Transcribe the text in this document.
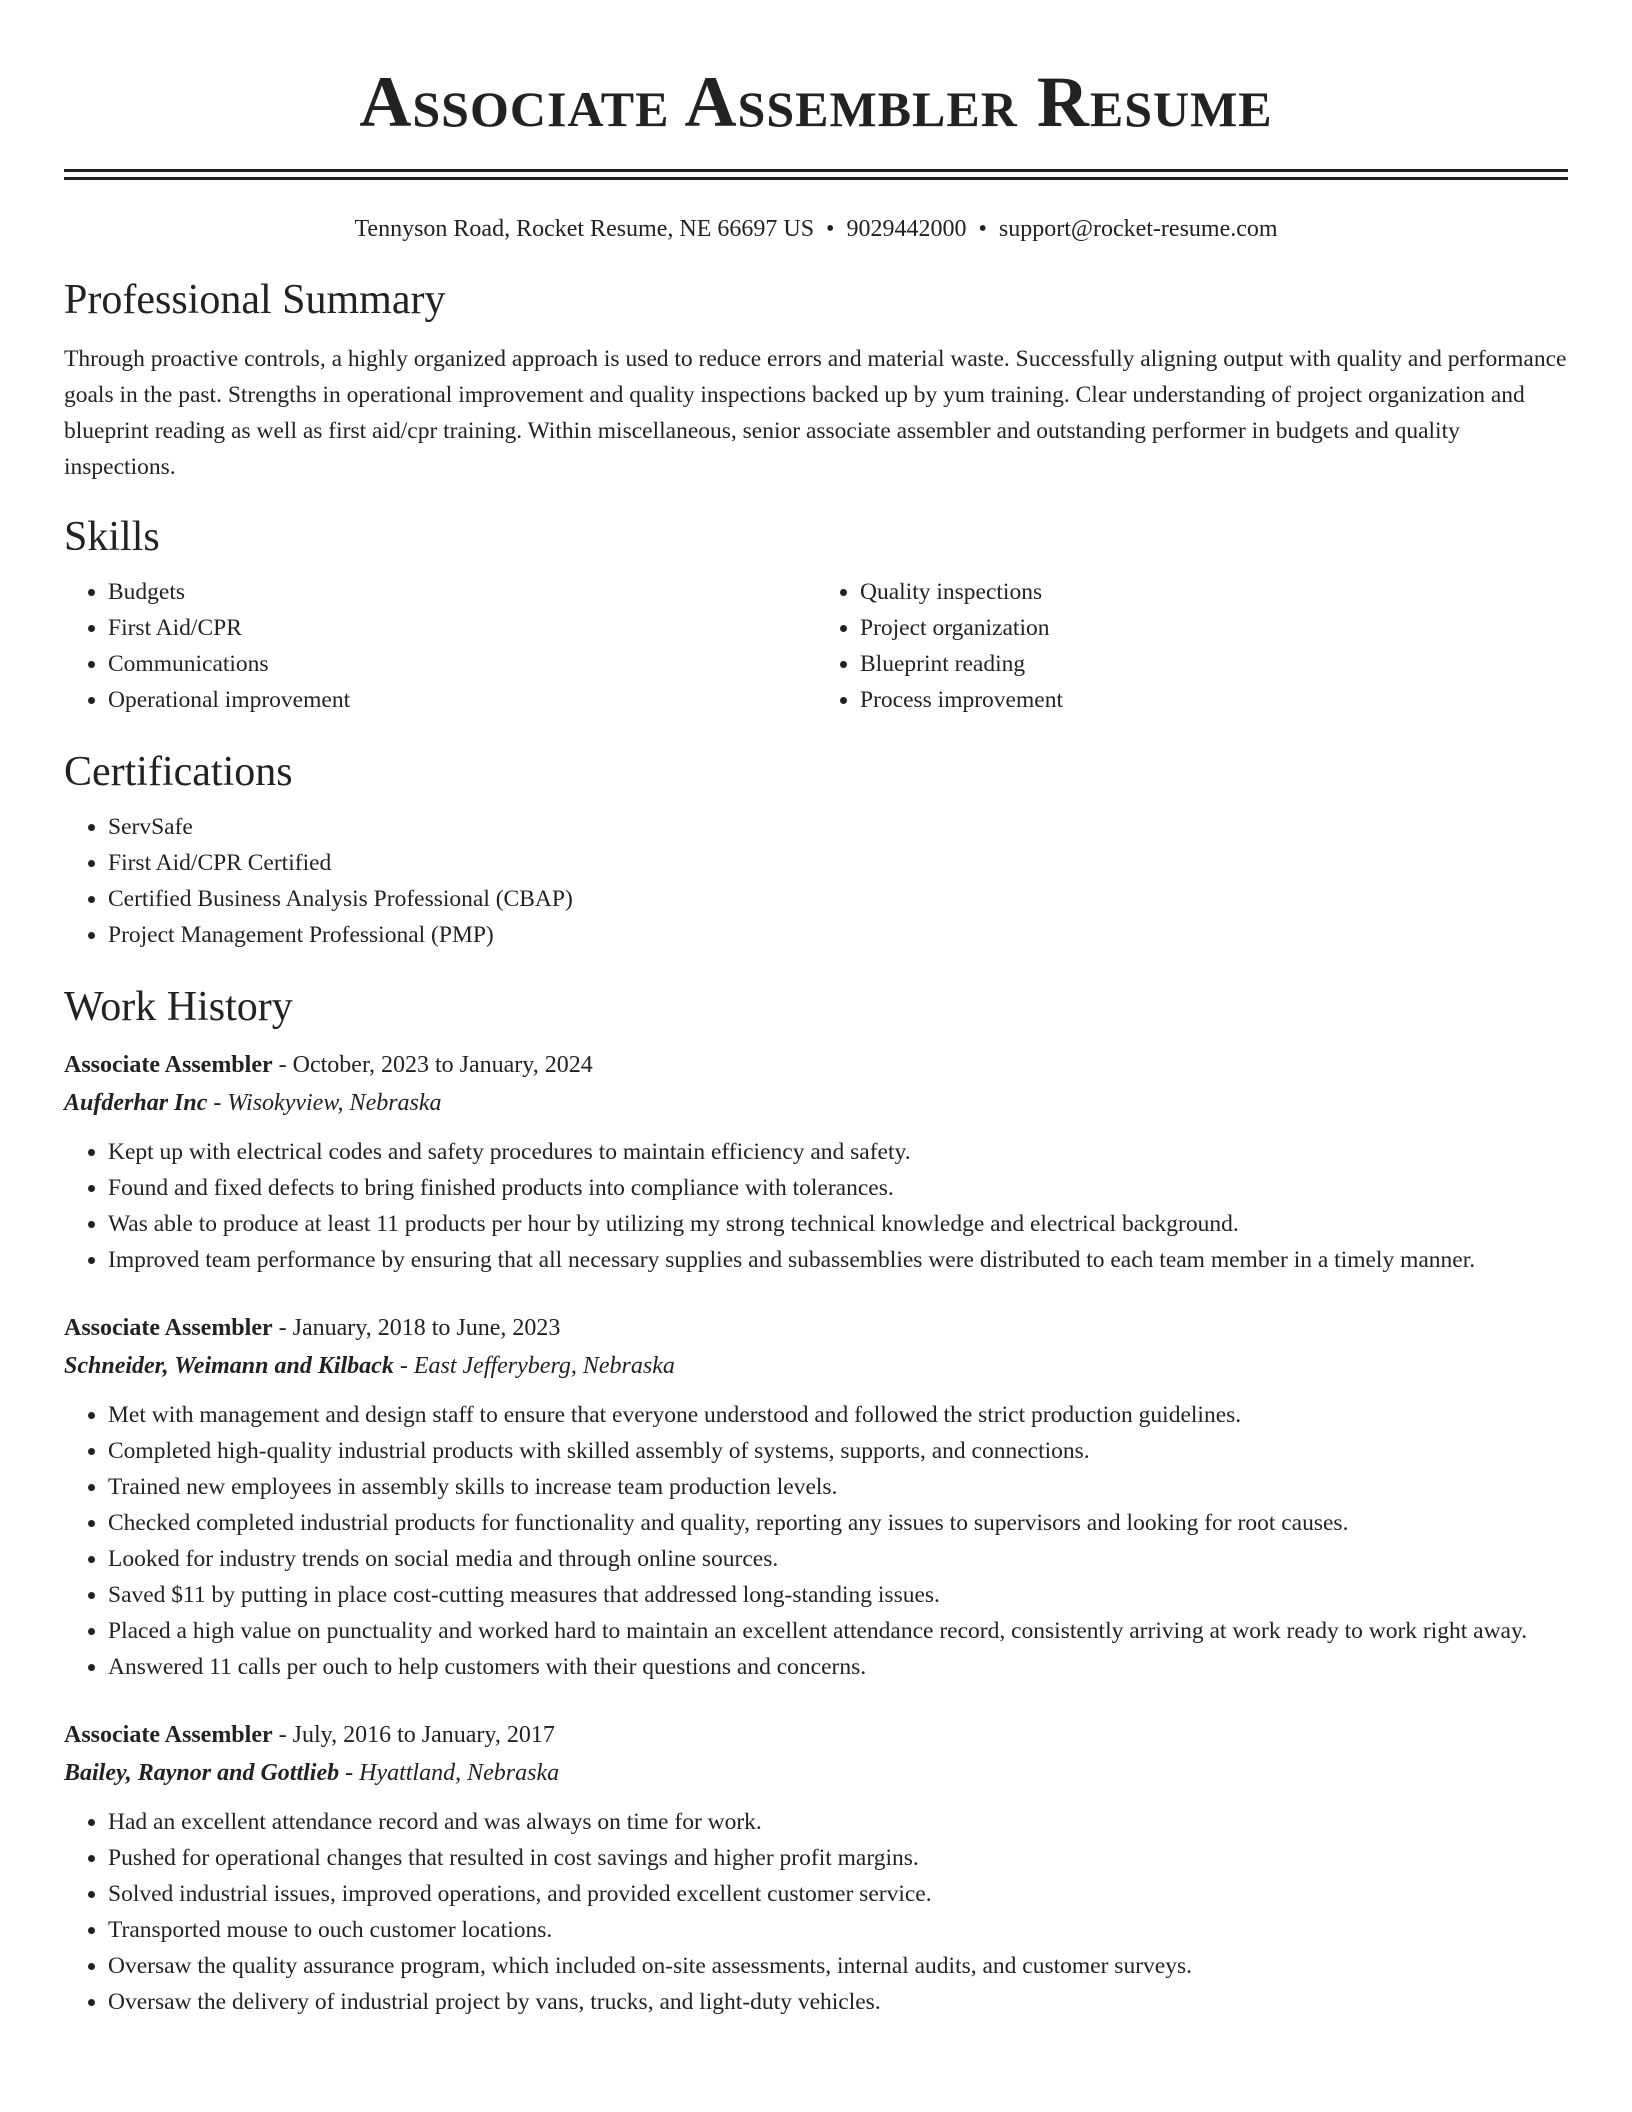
Associate Assembler Resume
Tennyson Road, Rocket Resume, NE 66697 US • 9029442000 • support@rocket-resume.com
Professional Summary

Through proactive controls, a highly organized approach is used to reduce errors and material waste. Successfully aligning output with quality and performance goals in the past. Strengths in operational improvement and quality inspections backed up by yum training. Clear understanding of project organization and blueprint reading as well as first aid/cpr training. Within miscellaneous, senior associate assembler and outstanding performer in budgets and quality inspections.

Skills
• Budgets
• First Aid/CPR
• Communications
• Operational improvement
• Quality inspections
• Project organization
• Blueprint reading
• Process improvement
Certifications
• ServSafe
• First Aid/CPR Certified
• Certified Business Analysis Professional (CBAP)
• Project Management Professional (PMP)
Work History
Associate Assembler - October, 2023 to January, 2024
Aufderhar Inc - Wisokyview, Nebraska
• Kept up with electrical codes and safety procedures to maintain efficiency and safety.
• Found and fixed defects to bring finished products into compliance with tolerances.
• Was able to produce at least 11 products per hour by utilizing my strong technical knowledge and electrical background.
• Improved team performance by ensuring that all necessary supplies and subassemblies were distributed to each team member in a timely manner.
Associate Assembler - January, 2018 to June, 2023
Schneider, Weimann and Kilback - East Jefferyberg, Nebraska
• Met with management and design staff to ensure that everyone understood and followed the strict production guidelines.
• Completed high-quality industrial products with skilled assembly of systems, supports, and connections.
• Trained new employees in assembly skills to increase team production levels.
• Checked completed industrial products for functionality and quality, reporting any issues to supervisors and looking for root causes.
• Looked for industry trends on social media and through online sources.
• Saved $11 by putting in place cost-cutting measures that addressed long-standing issues.
• Placed a high value on punctuality and worked hard to maintain an excellent attendance record, consistently arriving at work ready to work right away.
• Answered 11 calls per ouch to help customers with their questions and concerns.
Associate Assembler - July, 2016 to January, 2017
Bailey, Raynor and Gottlieb - Hyattland, Nebraska
• Had an excellent attendance record and was always on time for work.
• Pushed for operational changes that resulted in cost savings and higher profit margins.
• Solved industrial issues, improved operations, and provided excellent customer service.
• Transported mouse to ouch customer locations.
• Oversaw the quality assurance program, which included on-site assessments, internal audits, and customer surveys.
• Oversaw the delivery of industrial project by vans, trucks, and light-duty vehicles.
